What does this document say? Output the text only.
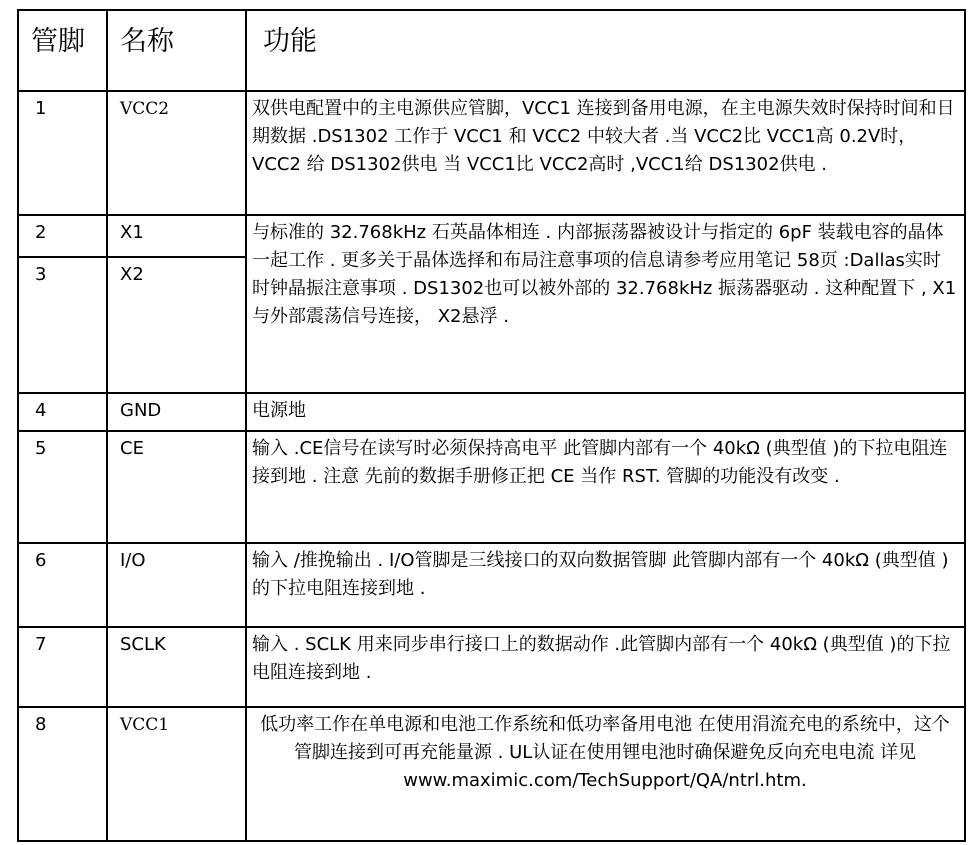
管脚	名称	功能

1	VCC2	双供电配置中的主电源供应管脚，VCC1 连接到备用电源，在主电源失效时保持时间和日期数据 .DS1302 工作于 VCC1 和 VCC2 中较大者 .当 VCC2比 VCC1高 0.2V时，VCC2 给 DS1302供电 当 VCC1比 VCC2高时 ,VCC1给 DS1302供电 .
2	X1	与标准的 32.768kHz 石英晶体相连 . 内部振荡器被设计与指定的 6pF 装载电容的晶体一起工作 . 更多关于晶体选择和布局注意事项的信息请参考应用笔记 58页 :Dallas实时时钟晶振注意事项 . DS1302也可以被外部的 32.768kHz 振荡器驱动 . 这种配置下 , X1 与外部震荡信号连接， X2悬浮 .
3	X2	
4	GND	电源地
5	CE	输入 .CE信号在读写时必须保持高电平 此管脚内部有一个 40kΩ (典型值 )的下拉电阻连接到地 . 注意 先前的数据手册修正把 CE 当作 RST. 管脚的功能没有改变 .
6	I/O	输入 /推挽输出 . I/O管脚是三线接口的双向数据管脚 此管脚内部有一个 40kΩ (典型值 )的下拉电阻连接到地 .
7	SCLK	输入 . SCLK 用来同步串行接口上的数据动作 .此管脚内部有一个 40kΩ (典型值 )的下拉电阻连接到地 .
8	VCC1	低功率工作在单电源和电池工作系统和低功率备用电池 在使用涓流充电的系统中，这个管脚连接到可再充能量源 . UL认证在使用锂电池时确保避免反向充电电流 详见 www.maximic.com/TechSupport/QA/ntrl.htm.
